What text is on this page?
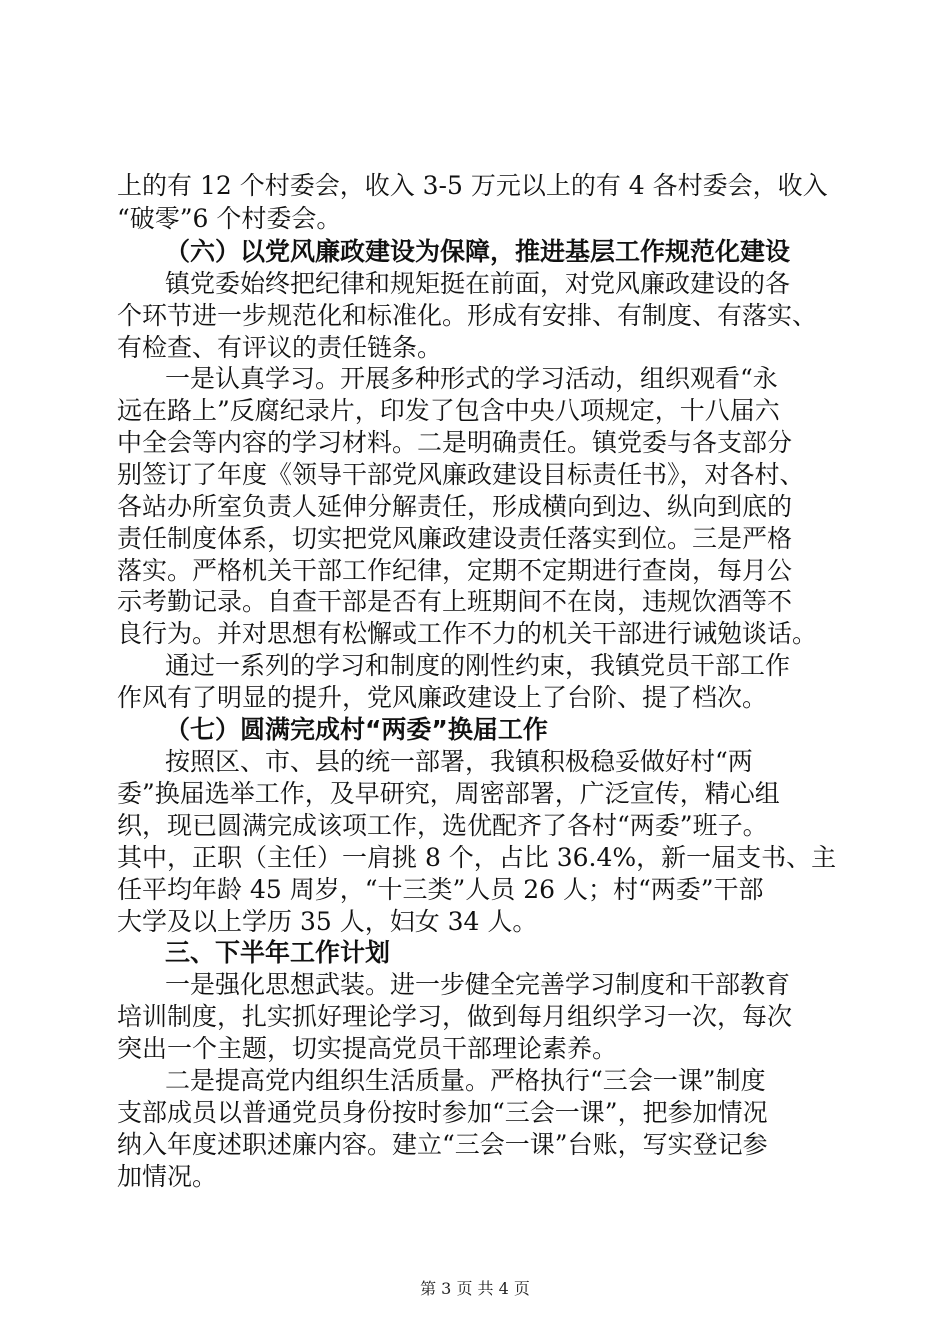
上的有 12 个村委会，收入 3-5 万元以上的有 4 各村委会，收入
“破零”6 个村委会。
（六）以党风廉政建设为保障，推进基层工作规范化建设
镇党委始终把纪律和规矩挺在前面，对党风廉政建设的各
个环节进一步规范化和标准化。形成有安排、有制度、有落实、
有检查、有评议的责任链条。
一是认真学习。开展多种形式的学习活动，组织观看“永
远在路上”反腐纪录片，印发了包含中央八项规定，十八届六
中全会等内容的学习材料。二是明确责任。镇党委与各支部分
别签订了年度《领导干部党风廉政建设目标责任书》，对各村、
各站办所室负责人延伸分解责任，形成横向到边、纵向到底的
责任制度体系，切实把党风廉政建设责任落实到位。三是严格
落实。严格机关干部工作纪律，定期不定期进行查岗，每月公
示考勤记录。自查干部是否有上班期间不在岗，违规饮酒等不
良行为。并对思想有松懈或工作不力的机关干部进行诫勉谈话。
通过一系列的学习和制度的刚性约束，我镇党员干部工作
作风有了明显的提升，党风廉政建设上了台阶、提了档次。
（七）圆满完成村“两委”换届工作
按照区、市、县的统一部署，我镇积极稳妥做好村“两
委”换届选举工作，及早研究，周密部署，广泛宣传，精心组
织，现已圆满完成该项工作，选优配齐了各村“两委”班子。
其中，正职（主任）一肩挑 8 个，占比 36.4%，新一届支书、主
任平均年龄 45 周岁，“十三类”人员 26 人；村“两委”干部
大学及以上学历 35 人，妇女 34 人。
三、下半年工作计划
一是强化思想武装。进一步健全完善学习制度和干部教育
培训制度，扎实抓好理论学习，做到每月组织学习一次，每次
突出一个主题，切实提高党员干部理论素养。
二是提高党内组织生活质量。严格执行“三会一课”制度
支部成员以普通党员身份按时参加“三会一课”，把参加情况
纳入年度述职述廉内容。建立“三会一课”台账，写实登记参
加情况。
第 3 页 共 4 页
